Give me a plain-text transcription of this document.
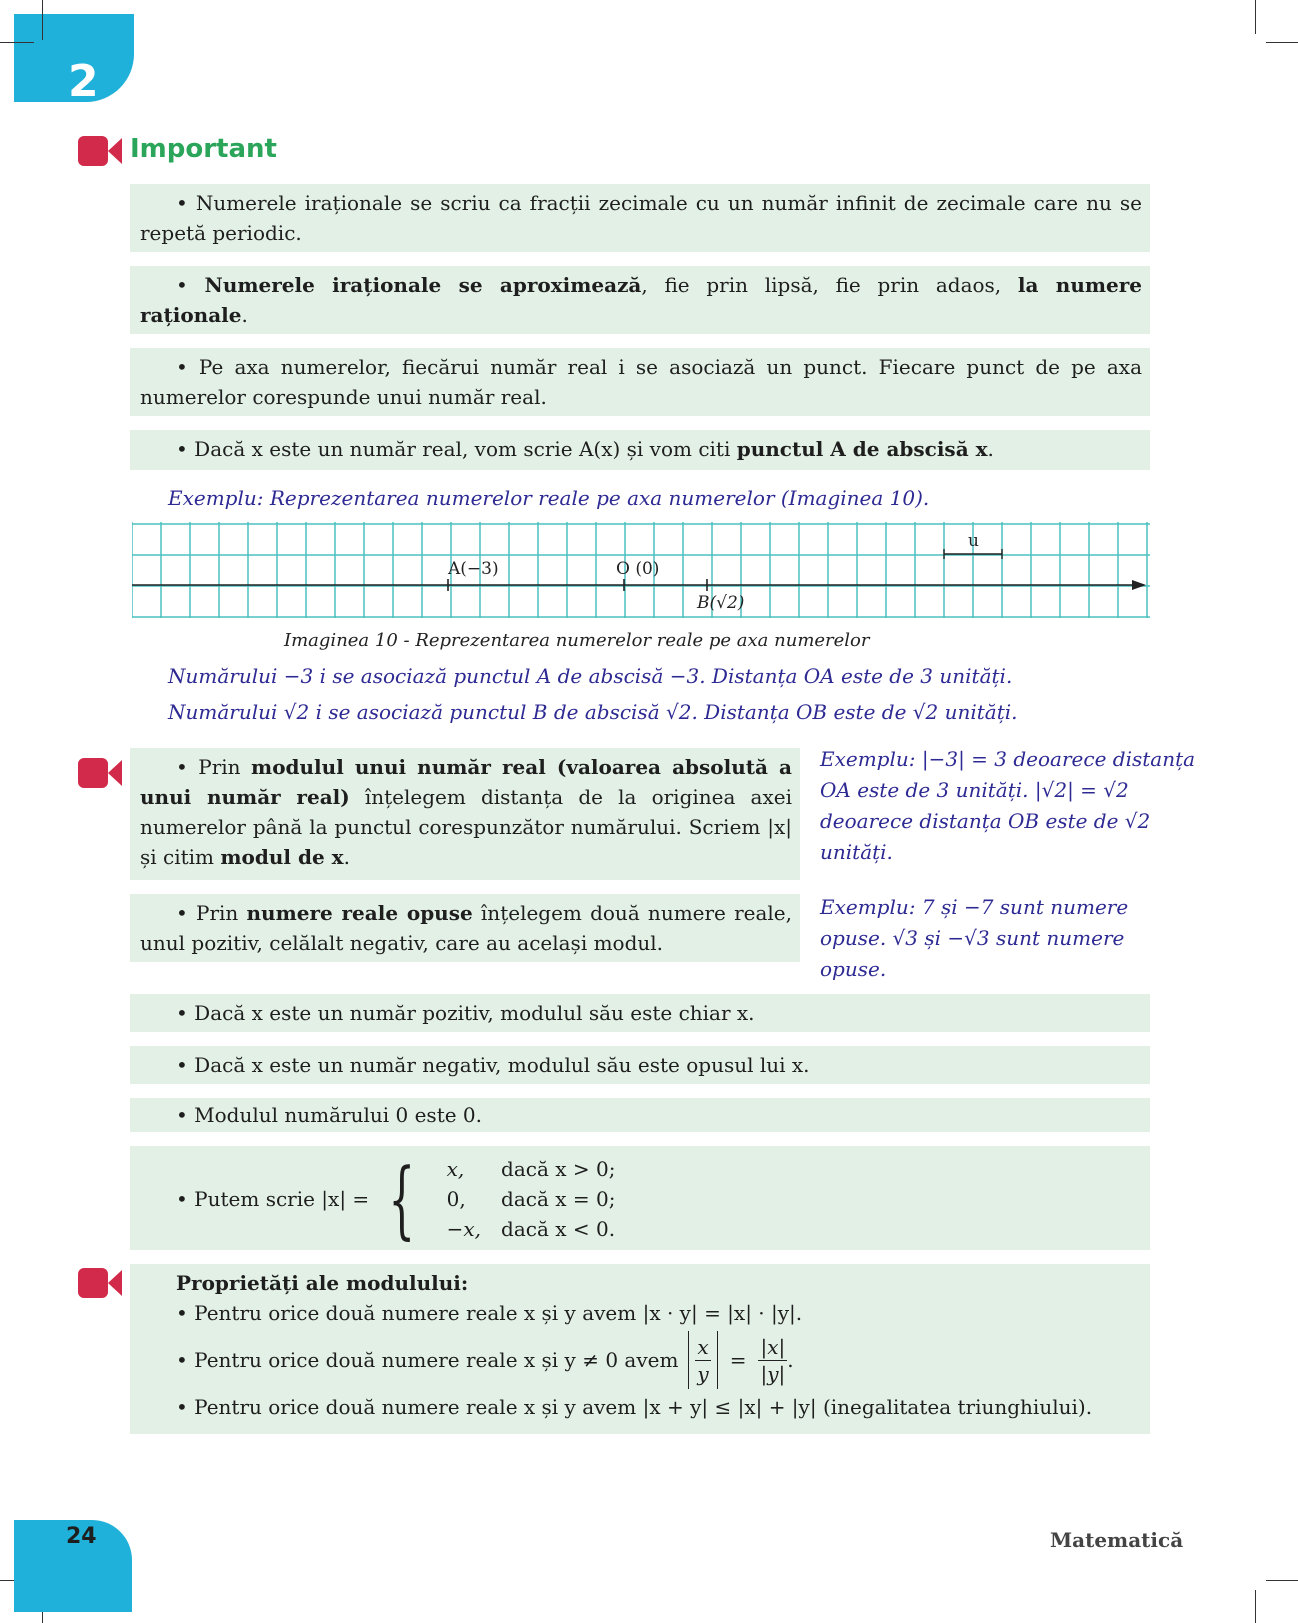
2
Important

• Numerele iraționale se scriu ca fracții zecimale cu un număr infinit de zecimale care nu se repetă periodic.

• Numerele iraționale se aproximează, fie prin lipsă, fie prin adaos, la numere raționale.

• Pe axa numerelor, fiecărui număr real i se asociază un punct. Fiecare punct de pe axa numerelor corespunde unui număr real.

• Dacă x este un număr real, vom scrie A(x) și vom citi punctul A de abscisă x.

Exemplu: Reprezentarea numerelor reale pe axa numerelor (Imaginea 10).
A(−3)	O (0)
B(√2)
u
Imaginea 10 - Reprezentarea numerelor reale pe axa numerelor
Numărului −3 i se asociază punctul A de abscisă −3. Distanța OA este de 3 unități.
Numărului √2 i se asociază punctul B de abscisă √2. Distanța OB este de √2 unități.

• Prin modulul unui număr real (valoarea absolută a unui număr real) înțelegem distanța de la originea axei numerelor până la punctul corespunzător numărului. Scriem |x| și citim modul de x.

Exemplu: |−3| = 3 deoarece distanța OA este de 3 unități. |√2| = √2 deoarece distanța OB este de √2 unități.

• Prin numere reale opuse înțelegem două numere reale, unul pozitiv, celălalt negativ, care au același modul.

Exemplu: 7 și −7 sunt numere opuse. √3 și −√3 sunt numere opuse.

• Dacă x este un număr pozitiv, modulul său este chiar x.

• Dacă x este un număr negativ, modulul său este opusul lui x.

• Modulul numărului 0 este 0.

• Putem scrie |x| = { x,	dacă x > 0;
0,	dacă x = 0;
−x,	dacă x < 0.
Proprietăți ale modulului:
• Pentru orice două numere reale x și y avem |x · y| = |x| · |y|.
• Pentru orice două numere reale x și y ≠ 0 avem $\frac{x}{y} = \frac{|x|}{|y|}$ .
• Pentru orice două numere reale x și y avem |x + y| ≤ |x| + |y| (inegalitatea triunghiului).
24	Matematică
